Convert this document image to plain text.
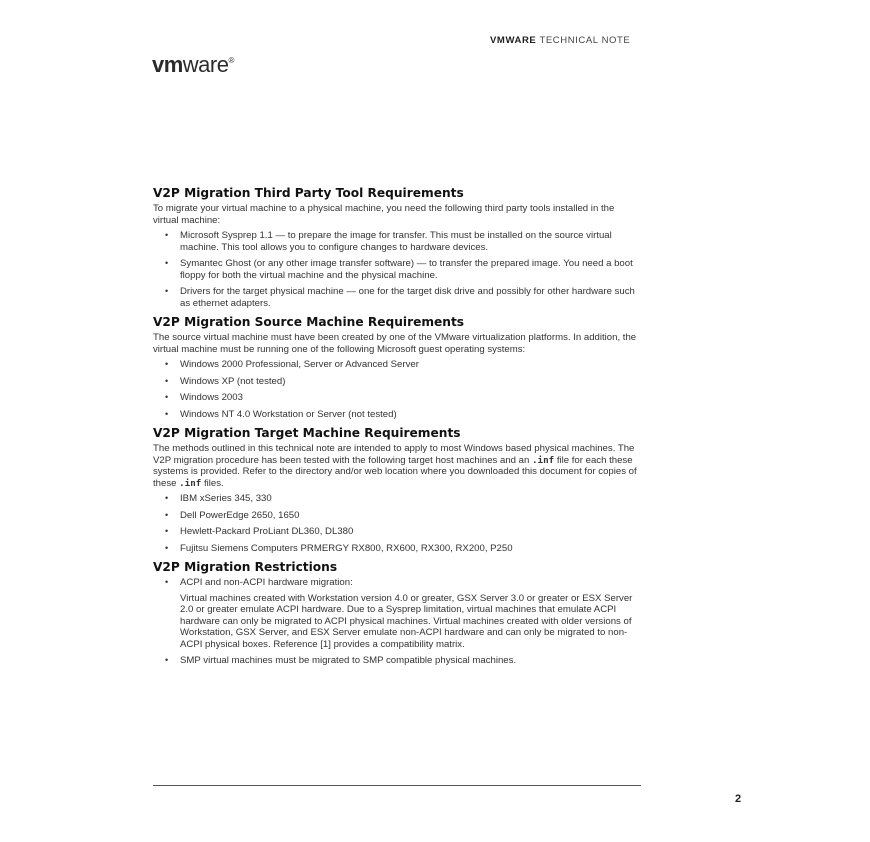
VMWARE TECHNICAL NOTE
vmware®
V2P Migration Third Party Tool Requirements

To migrate your virtual machine to a physical machine, you need the following third party tools installed in the virtual machine:

• Microsoft Sysprep 1.1 — to prepare the image for transfer. This must be installed on the source virtual machine. This tool allows you to configure changes to hardware devices.
• Symantec Ghost (or any other image transfer software) — to transfer the prepared image. You need a boot floppy for both the virtual machine and the physical machine.
• Drivers for the target physical machine — one for the target disk drive and possibly for other hardware such as ethernet adapters.
V2P Migration Source Machine Requirements

The source virtual machine must have been created by one of the VMware virtualization platforms. In addition, the virtual machine must be running one of the following Microsoft guest operating systems:

• Windows 2000 Professional, Server or Advanced Server
• Windows XP (not tested)
• Windows 2003
• Windows NT 4.0 Workstation or Server (not tested)
V2P Migration Target Machine Requirements

The methods outlined in this technical note are intended to apply to most Windows based physical machines. The V2P migration procedure has been tested with the following target host machines and an .inf file for each these systems is provided. Refer to the directory and/or web location where you downloaded this document for copies of these .inf files.

• IBM xSeries 345, 330
• Dell PowerEdge 2650, 1650
• Hewlett-Packard ProLiant DL360, DL380
• Fujitsu Siemens Computers PRMERGY RX800, RX600, RX300, RX200, P250
V2P Migration Restrictions
• ACPI and non-ACPI hardware migration:
Virtual machines created with Workstation version 4.0 or greater, GSX Server 3.0 or greater or ESX Server 2.0 or greater emulate ACPI hardware. Due to a Sysprep limitation, virtual machines that emulate ACPI hardware can only be migrated to ACPI physical machines. Virtual machines created with older versions of Workstation, GSX Server, and ESX Server emulate non-ACPI hardware and can only be migrated to non-ACPI physical boxes. Reference [1] provides a compatibility matrix.
• SMP virtual machines must be migrated to SMP compatible physical machines.
2
